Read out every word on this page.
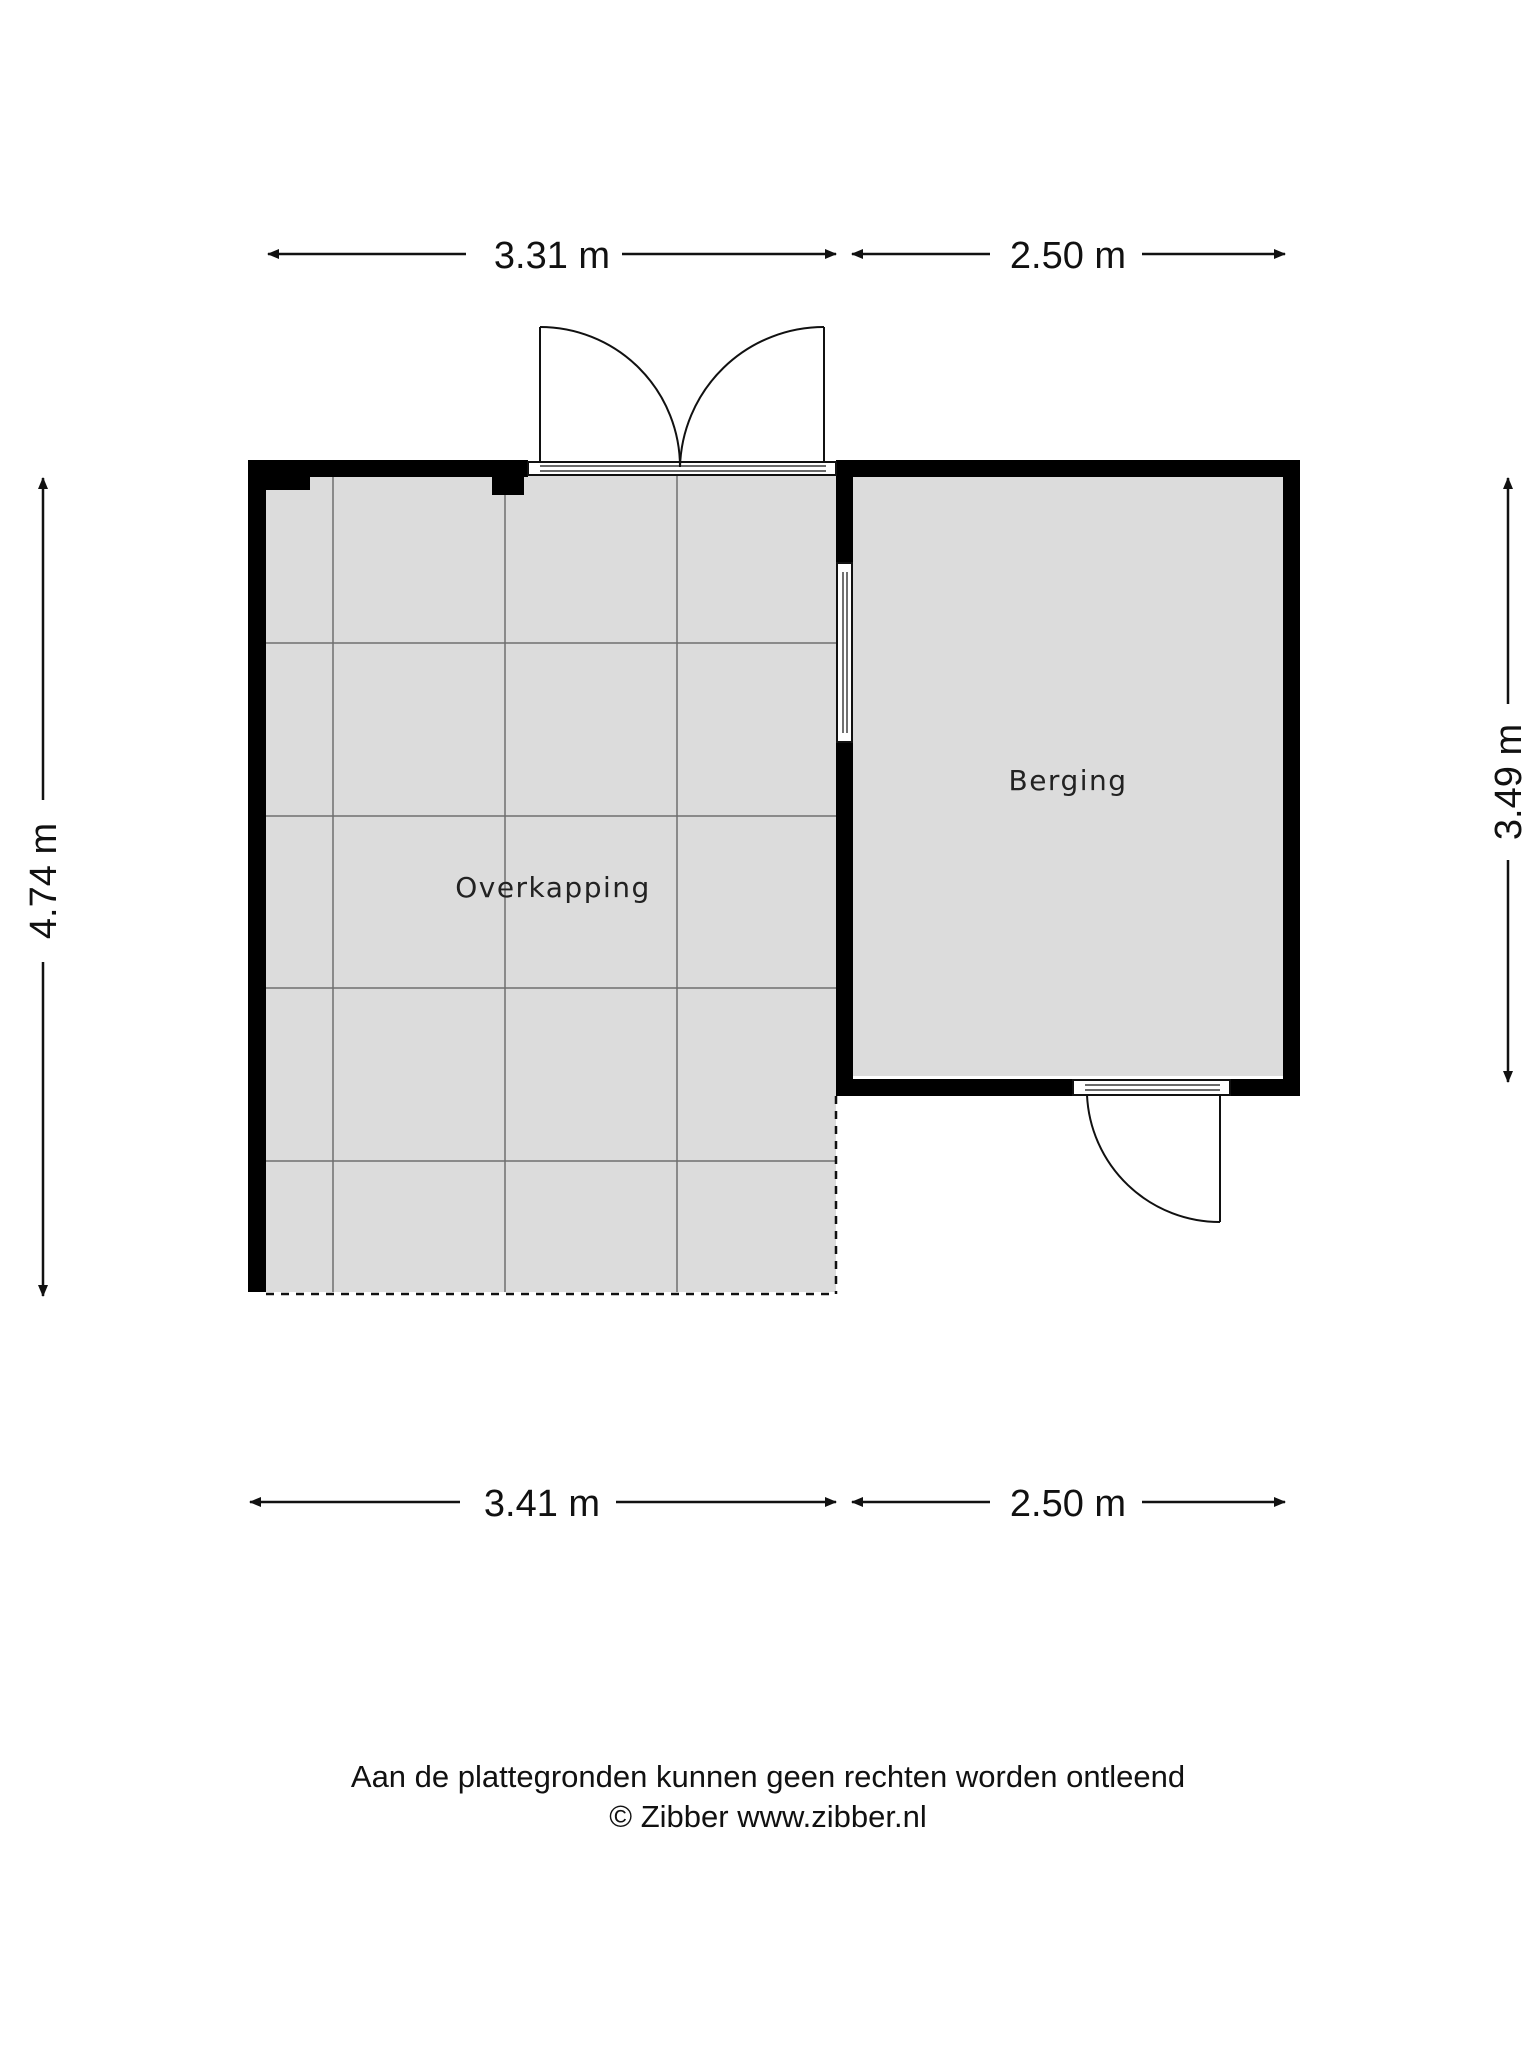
3.31 m	2.50 m
3.41 m	2.50 m
4.74 m
3.49 m
Overkapping
Berging
Aan de plattegronden kunnen geen rechten worden ontleend
© Zibber www.zibber.nl
